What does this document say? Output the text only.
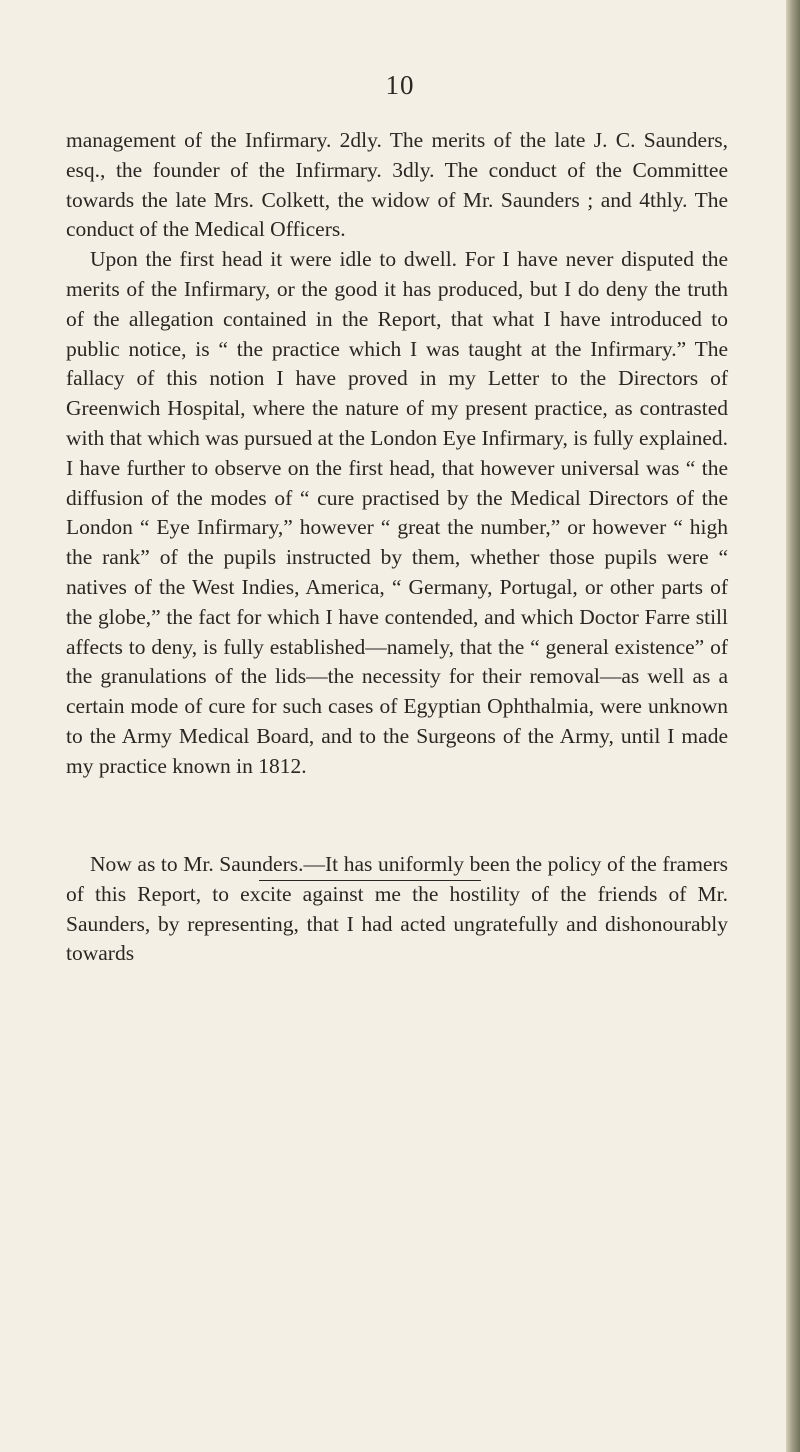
10

management of the Infirmary. 2dly. The merits of the late J. C. Saunders, esq., the founder of the Infirmary. 3dly. The conduct of the Committee towards the late Mrs. Colkett, the widow of Mr. Saunders ; and 4thly. The conduct of the Medical Officers.

Upon the first head it were idle to dwell. For I have never disputed the merits of the Infirmary, or the good it has produced, but I do deny the truth of the allegation contained in the Report, that what I have introduced to public notice, is “ the practice which I was taught at the Infirmary.” The fallacy of this notion I have proved in my Letter to the Directors of Greenwich Hospital, where the nature of my present practice, as contrasted with that which was pursued at the London Eye Infirmary, is fully explained. I have further to observe on the first head, that however universal was “ the diffusion of the modes of “ cure practised by the Medical Directors of the London “ Eye Infirmary,” however “ great the number,” or however “ high the rank” of the pupils instructed by them, whether those pupils were “ natives of the West Indies, America, “ Germany, Portugal, or other parts of the globe,” the fact for which I have contended, and which Doctor Farre still affects to deny, is fully established—namely, that the “ general existence” of the granulations of the lids—the necessity for their removal—as well as a certain mode of cure for such cases of Egyptian Ophthalmia, were unknown to the Army Medical Board, and to the Surgeons of the Army, until I made my practice known in 1812.

Now as to Mr. Saunders.—It has uniformly been the policy of the framers of this Report, to excite against me the hostility of the friends of Mr. Saunders, by representing, that I had acted ungratefully and dishonourably towards
